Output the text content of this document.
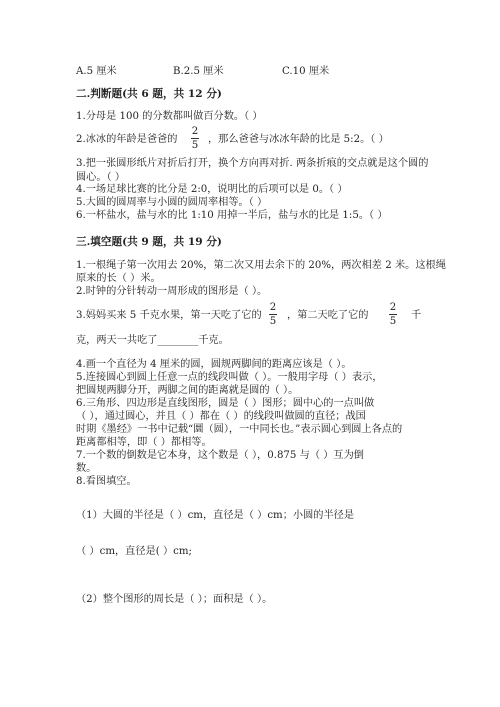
A.5 厘米	B.2.5 厘米	C.10 厘米
二.判断题(共 6 题，共 12 分)
1.分母是 100 的分数都叫做百分数。（ ）
2.冰冰的年龄是爸爸的
2
5
，那么爸爸与冰冰年龄的比是 5:2。（ ）
3.把一张圆形纸片对折后打开，换个方向再对折. 两条折痕的交点就是这个圆的
圆心。（ ）
4.一场足球比赛的比分是 2:0，说明比的后项可以是 0。（ ）
5.大圆的圆周率与小圆的圆周率相等。（ ）
6.一杯盐水，盐与水的比 1:10 用掉一半后，盐与水的比是 1:5。（ ）
三.填空题(共 9 题，共 19 分)
1.一根绳子第一次用去 20%，第二次又用去余下的 20%，两次相差 2 米。这根绳
原来的长（ ）米。
2.时钟的分针转动一周形成的图形是（ ）。
3.妈妈买来 5 千克水果，第一天吃了它的
2
5
，第二天吃了它的
2
5
千
克，两天一共吃了________千克。
4.画一个直径为 4 厘米的圆，圆规两脚间的距离应该是（ ）。
5.连接圆心到圆上任意一点的线段叫做（ ）。一般用字母（ ）表示，
把圆规两脚分开，两脚之间的距离就是圆的（ ）。
6.三角形、四边形是直线图形，圆是（ ）图形；圆中心的一点叫做
（ ），通过圆心，并且（ ）都在（ ）的线段叫做圆的直径；战国
时期《墨经》一书中记载“圜（圆），一中同长也。”表示圆心到圆上各点的
距离都相等，即（ ）都相等。
7.一个数的倒数是它本身，这个数是（ ），0.875 与（ ）互为倒
数。
8.看图填空。
（1）大圆的半径是（ ）cm，直径是（ ）cm；小圆的半径是
（ ）cm，直径是( ）cm;
（2）整个图形的周长是（ ）；面积是（ ）。
